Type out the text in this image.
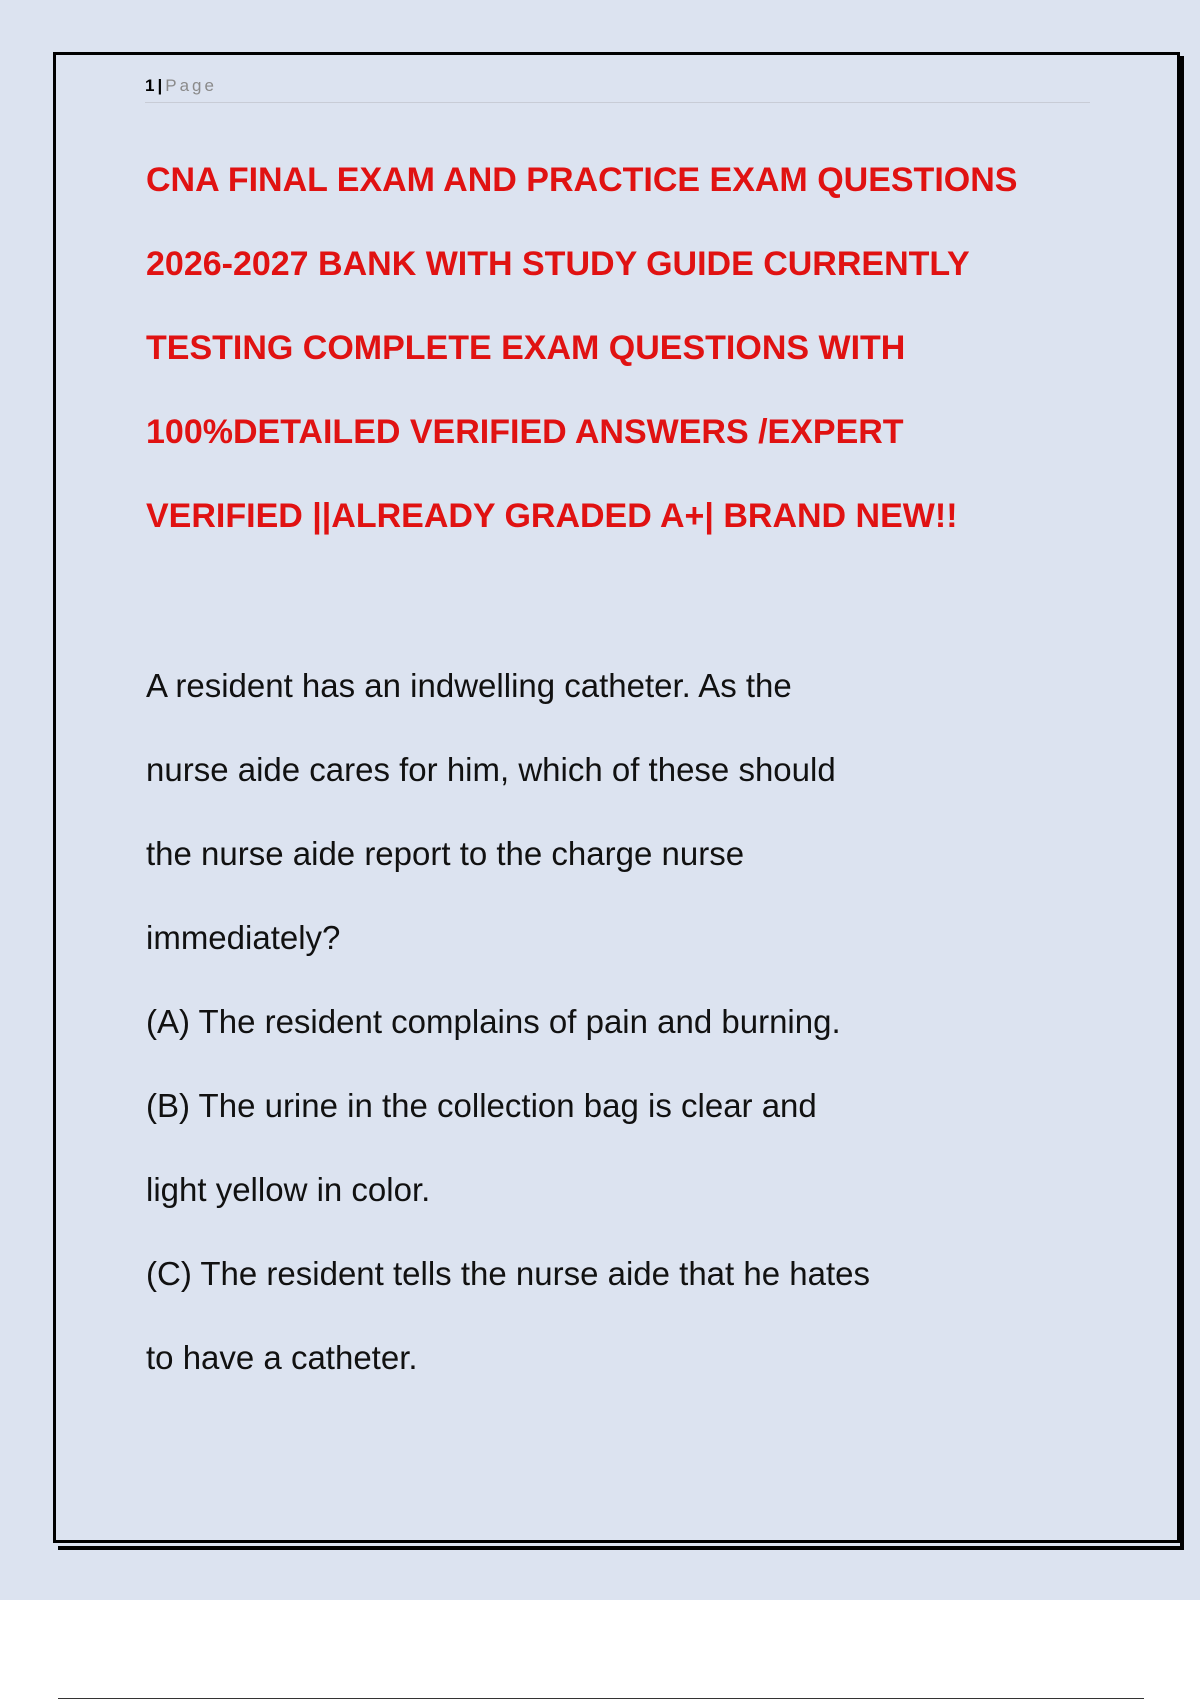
1 | Page
CNA FINAL EXAM AND PRACTICE EXAM QUESTIONS
2026-2027 BANK WITH STUDY GUIDE CURRENTLY
TESTING COMPLETE EXAM QUESTIONS WITH
100%DETAILED VERIFIED ANSWERS /EXPERT
VERIFIED ||ALREADY GRADED A+| BRAND NEW!!
A resident has an indwelling catheter. As the
nurse aide cares for him, which of these should
the nurse aide report to the charge nurse
immediately?
(A) The resident complains of pain and burning.
(B) The urine in the collection bag is clear and
light yellow in color.
(C) The resident tells the nurse aide that he hates
to have a catheter.
